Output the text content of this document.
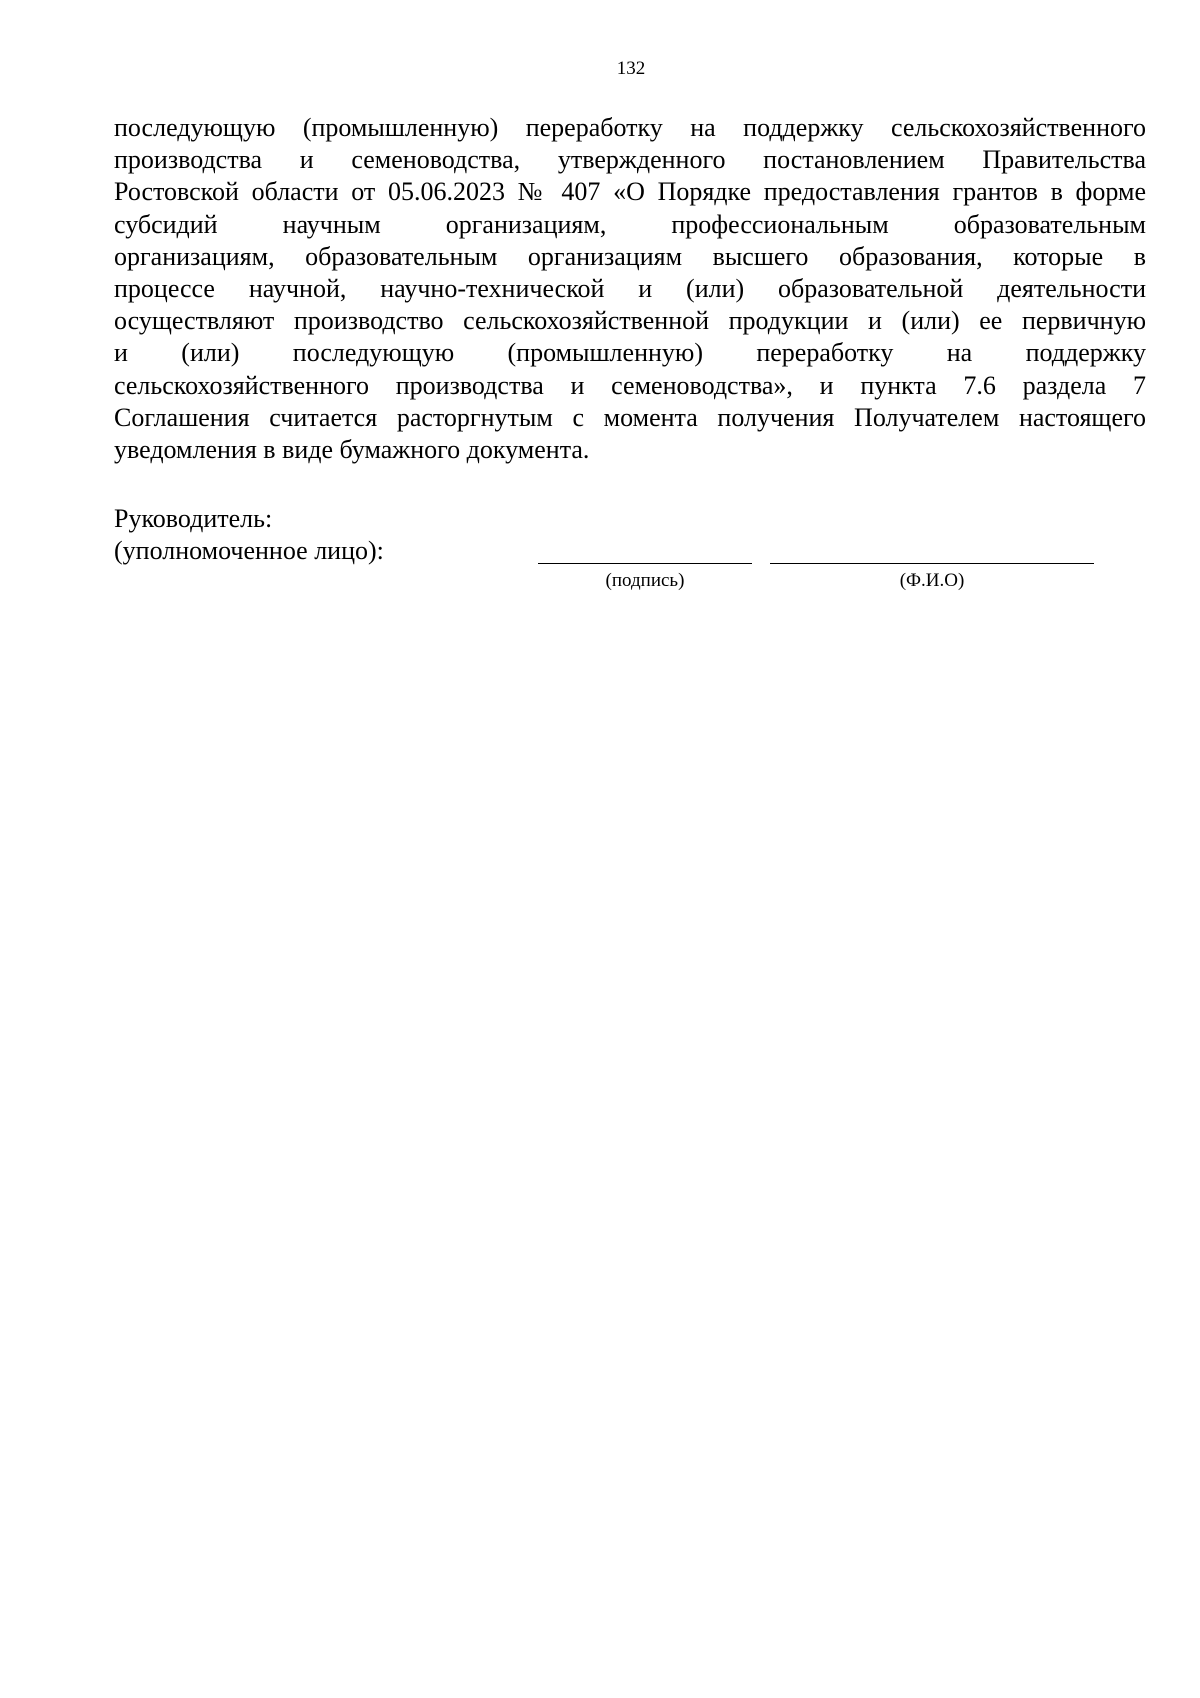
132
последующую (промышленную) переработку на поддержку сельскохозяйственного
производства и семеноводства, утвержденного постановлением Правительства
Ростовской области от 05.06.2023 № 407 «О Порядке предоставления грантов в форме
субсидий научным организациям, профессиональным образовательным
организациям, образовательным организациям высшего образования, которые в
процессе научной, научно-технической и (или) образовательной деятельности
осуществляют производство сельскохозяйственной продукции и (или) ее первичную
и (или) последующую (промышленную) переработку на поддержку
сельскохозяйственного производства и семеноводства», и пункта 7.6 раздела 7
Соглашения считается расторгнутым с момента получения Получателем настоящего
уведомления в виде бумажного документа.
Руководитель:
(уполномоченное лицо):
(подпись)	(Ф.И.О)
